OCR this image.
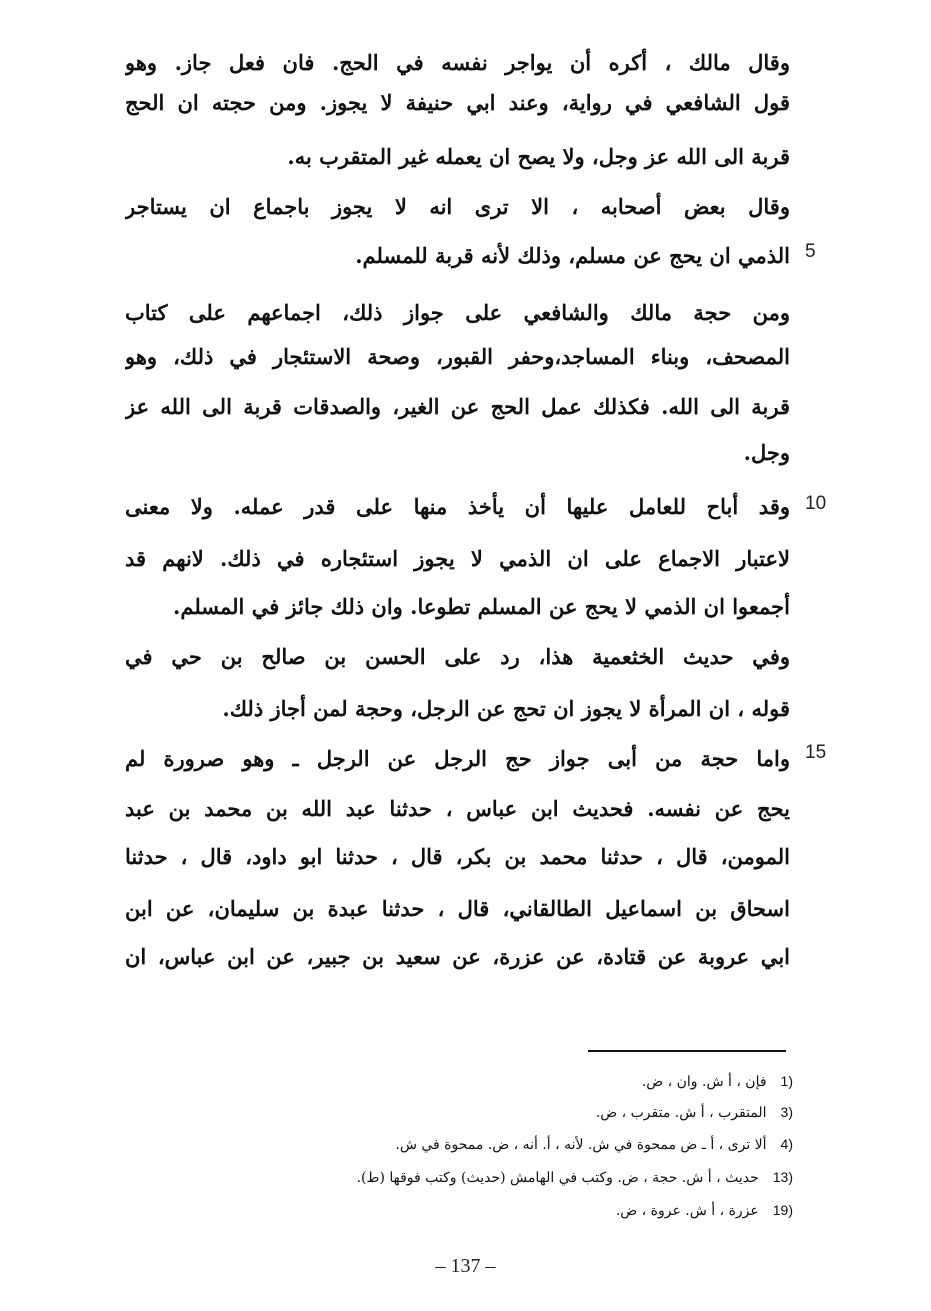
وقال مالك ، أكره أن يواجر نفسه في الحج. فان فعل جاز. وهو
قول الشافعي في رواية، وعند ابي حنيفة لا يجوز. ومن حجته ان الحج
قربة الى الله عز وجل، ولا يصح ان يعمله غير المتقرب به.
وقال بعض أصحابه ، الا ترى انه لا يجوز باجماع ان يستاجر
الذمي ان يحج عن مسلم، وذلك لأنه قربة للمسلم.
ومن حجة مالك والشافعي على جواز ذلك، اجماعهم على كتاب
المصحف، وبناء المساجد،وحفر القبور، وصحة الاستئجار في ذلك، وهو
قربة الى الله. فكذلك عمل الحج عن الغير، والصدقات قربة الى الله عز
وجل.
وقد أباح للعامل عليها أن يأخذ منها على قدر عمله. ولا معنى
لاعتبار الاجماع على ان الذمي لا يجوز استئجاره في ذلك. لانهم قد
أجمعوا ان الذمي لا يحج عن المسلم تطوعا. وان ذلك جائز في المسلم.
وفي حديث الخثعمية هذا، رد على الحسن بن صالح بن حي في
قوله ، ان المرأة لا يجوز ان تحج عن الرجل، وحجة لمن أجاز ذلك.
واما حجة من أبى جواز حج الرجل عن الرجل ـ وهو صرورة لم
يحج عن نفسه. فحديث ابن عباس ، حدثنا عبد الله بن محمد بن عبد
المومن، قال ، حدثنا محمد بن بكر، قال ، حدثنا ابو داود، قال ، حدثنا
اسحاق بن اسماعيل الطالقاني، قال ، حدثنا عبدة بن سليمان، عن ابن
ابي عروبة عن قتادة، عن عزرة، عن سعيد بن جبير، عن ابن عباس، ان
5
10
15
1)فإن ، أ ش. وان ، ض.
3)المتقرب ، أ ش. متقرب ، ض.
4)ألا ترى ، أ ـ ض ممحوة في ش. لأنه ، أ. أنه ، ض. ممحوة في ش.
13)حديث ، أ ش. حجة ، ض. وكتب في الهامش (حديث) وكتب فوقها (ط).
19)عزرة ، أ ش. عروة ، ض.
– 137 –
